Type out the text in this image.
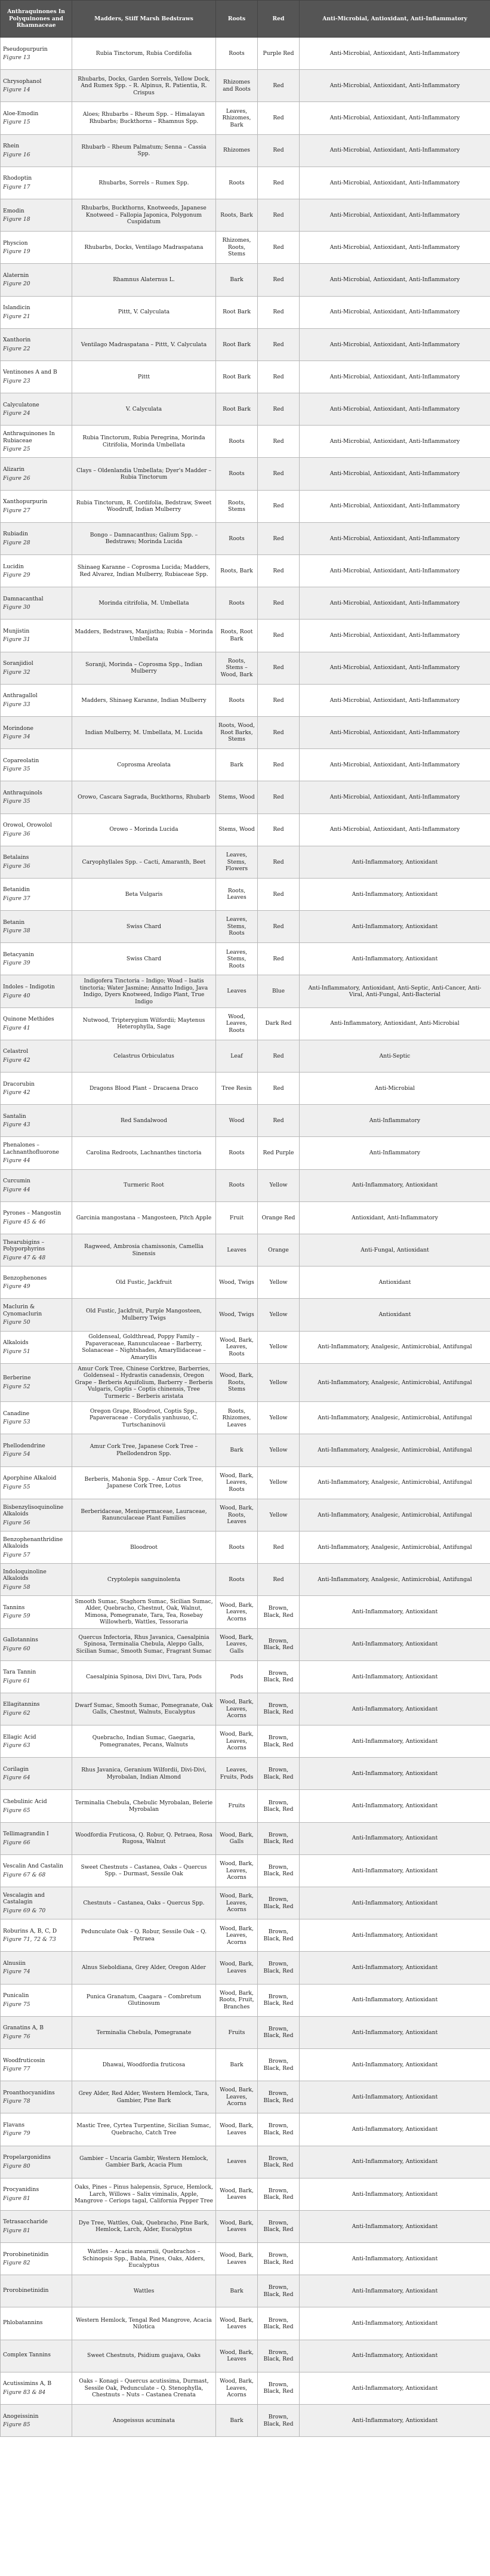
Anthraquinones In Polyquinones and Rhamnaceae	Madders, Stiff Marsh Bedstraws	Roots	Red	Anti-Microbial, Antioxidant, Anti-Inflammatory
Pseudopurpurin
Figure 13	Rubia Tinctorum, Rubia Cordifolia	Roots	Purple Red	Anti-Microbial, Antioxidant, Anti-Inflammatory
Chrysophanol
Figure 14	Rhubarbs, Docks, Garden Sorrels, Yellow Dock, And Rumex Spp. – R. Alpinus, R. Patientia, R. Crispus	Rhizomes and Roots	Red	Anti-Microbial, Antioxidant, Anti-Inflammatory
Aloe-Emodin
Figure 15	Aloes; Rhubarbs – Rheum Spp. – Himalayan Rhubarbs; Buckthorns – Rhamnus Spp.	Leaves, Rhizomes, Bark	Red	Anti-Microbial, Antioxidant, Anti-Inflammatory
Rhein
Figure 16	Rhubarb – Rheum Palmatum; Senna – Cassia Spp.	Rhizomes	Red	Anti-Microbial, Antioxidant, Anti-Inflammatory
Rhodoptin
Figure 17	Rhubarbs, Sorrels – Rumex Spp.	Roots	Red	Anti-Microbial, Antioxidant, Anti-Inflammatory
Emodin
Figure 18	Rhubarbs, Buckthorns, Knotweeds, Japanese Knotweed – Fallopia Japonica, Polygonum Cuspidatum	Roots, Bark	Red	Anti-Microbial, Antioxidant, Anti-Inflammatory
Physcion
Figure 19	Rhubarbs, Docks, Ventilago Madraspatana	Rhizomes, Roots, Stems	Red	Anti-Microbial, Antioxidant, Anti-Inflammatory
Alaternin
Figure 20	Rhamnus Alaternus L.	Bark	Red	Anti-Microbial, Antioxidant, Anti-Inflammatory
Islandicin
Figure 21	Pittt, V. Calyculata	Root Bark	Red	Anti-Microbial, Antioxidant, Anti-Inflammatory
Xanthorin
Figure 22	Ventilago Madraspatana – Pittt, V. Calyculata	Root Bark	Red	Anti-Microbial, Antioxidant, Anti-Inflammatory
Ventinones A and B
Figure 23	Pittt	Root Bark	Red	Anti-Microbial, Antioxidant, Anti-Inflammatory
Calyculatone
Figure 24	V. Calyculata	Root Bark	Red	Anti-Microbial, Antioxidant, Anti-Inflammatory
Anthraquinones In Rubiaceae
Figure 25	Rubia Tinctorum, Rubia Peregrina, Morinda Citrifolia, Morinda Umbellata	Roots	Red	Anti-Microbial, Antioxidant, Anti-Inflammatory
Alizarin
Figure 26	Clays – Oldenlandia Umbellata; Dyer's Madder – Rubia Tinctorum	Roots	Red	Anti-Microbial, Antioxidant, Anti-Inflammatory
Xanthopurpurin
Figure 27	Rubia Tinctorum, R. Cordifolia, Bedstraw, Sweet Woodruff, Indian Mulberry	Roots, Stems	Red	Anti-Microbial, Antioxidant, Anti-Inflammatory
Rubiadin
Figure 28	Bongo – Damnacanthus; Galium Spp. – Bedstraws; Morinda Lucida	Roots	Red	Anti-Microbial, Antioxidant, Anti-Inflammatory
Lucidin
Figure 29	Shinaeg Karanne – Coprosma Lucida; Madders, Red Alvarez, Indian Mulberry, Rubiaceae Spp.	Roots, Bark	Red	Anti-Microbial, Antioxidant, Anti-Inflammatory
Damnacanthal
Figure 30	Morinda citrifolia, M. Umbellata	Roots	Red	Anti-Microbial, Antioxidant, Anti-Inflammatory
Munjistin
Figure 31	Madders, Bedstraws, Manjistha; Rubia – Morinda Umbellata	Roots, Root Bark	Red	Anti-Microbial, Antioxidant, Anti-Inflammatory
Soranjidiol
Figure 32	Soranji, Morinda – Coprosma Spp., Indian Mulberry	Roots, Stems – Wood, Bark	Red	Anti-Microbial, Antioxidant, Anti-Inflammatory
Anthragallol
Figure 33	Madders, Shinaeg Karanne, Indian Mulberry	Roots	Red	Anti-Microbial, Antioxidant, Anti-Inflammatory
Morindone
Figure 34	Indian Mulberry, M. Umbellata, M. Lucida	Roots, Wood, Root Barks, Stems	Red	Anti-Microbial, Antioxidant, Anti-Inflammatory
Copareolatin
Figure 35	Coprosma Areolata	Bark	Red	Anti-Microbial, Antioxidant, Anti-Inflammatory
Anthraquinols
Figure 35	Orowo, Cascara Sagrada, Buckthorns, Rhubarb	Stems, Wood	Red	Anti-Microbial, Antioxidant, Anti-Inflammatory
Orowol, Orowolol
Figure 36	Orowo – Morinda Lucida	Stems, Wood	Red	Anti-Microbial, Antioxidant, Anti-Inflammatory
Betalains
Figure 36	Caryophyllales Spp. – Cacti, Amaranth, Beet	Leaves, Stems, Flowers	Red	Anti-Inflammatory, Antioxidant
Betanidin
Figure 37	Beta Vulgaris	Roots, Leaves	Red	Anti-Inflammatory, Antioxidant
Betanin
Figure 38	Swiss Chard	Leaves, Stems, Roots	Red	Anti-Inflammatory, Antioxidant
Betacyanin
Figure 39	Swiss Chard	Leaves, Stems, Roots	Red	Anti-Inflammatory, Antioxidant
Indoles – Indigotin
Figure 40	Indigofera Tinctoria – Indigo; Woad – Isatis tinctoria; Water Jasmine; Annatto Indigo, Java Indigo, Dyers Knotweed, Indigo Plant, True Indigo	Leaves	Blue	Anti-Inflammatory, Antioxidant, Anti-Septic, Anti-Cancer, Anti-Viral, Anti-Fungal, Anti-Bacterial
Quinone Methides
Figure 41	Nutwood, Tripterygium Wilfordii; Maytenus Heterophylla, Sage	Wood, Leaves, Roots	Dark Red	Anti-Inflammatory, Antioxidant, Anti-Microbial
Celastrol
Figure 42	Celastrus Orbiculatus	Leaf	Red	Anti-Septic
Dracorubin
Figure 42	Dragons Blood Plant – Dracaena Draco	Tree Resin	Red	Anti-Microbial
Santalin
Figure 43	Red Sandalwood	Wood	Red	Anti-Inflammatory
Phenalones – Lachnanthofluorone
Figure 44	Carolina Redroots, Lachnanthes tinctoria	Roots	Red Purple	Anti-Inflammatory
Curcumin
Figure 44	Turmeric Root	Roots	Yellow	Anti-Inflammatory, Antioxidant
Pyrones – Mangostin
Figure 45 & 46	Garcinia mangostana – Mangosteen, Pitch Apple	Fruit	Orange Red	Antioxidant, Anti-Inflammatory
Thearubigins – Polyporphyrins
Figure 47 & 48	Ragweed, Ambrosia chamissonis, Camellia Sinensis	Leaves	Orange	Anti-Fungal, Antioxidant
Benzophenones
Figure 49	Old Fustic, Jackfruit	Wood, Twigs	Yellow	Antioxidant
Maclurin & Cynomaclurin
Figure 50	Old Fustic, Jackfruit, Purple Mangosteen, Mulberry Twigs	Wood, Twigs	Yellow	Antioxidant
Alkaloids
Figure 51	Goldenseal, Goldthread, Poppy Family – Papaveraceae, Ranunculaceae – Barberry, Solanaceae – Nightshades, Amaryllidaceae – Amaryllis	Wood, Bark, Leaves, Roots	Yellow	Anti-Inflammatory, Analgesic, Antimicrobial, Antifungal
Berberine
Figure 52	Amur Cork Tree, Chinese Corktree, Barberries, Goldenseal – Hydrastis canadensis, Oregon Grape – Berberis Aquifolium, Barberry – Berberis Vulgaris, Coptis – Coptis chinensis, Tree Turmeric – Berberis aristata	Wood, Bark, Roots, Stems	Yellow	Anti-Inflammatory, Analgesic, Antimicrobial, Antifungal
Canadine
Figure 53	Oregon Grape, Bloodroot, Coptis Spp., Papaveraceae – Corydalis yanhusuo, C. Turtschaninovii	Roots, Rhizomes, Leaves	Yellow	Anti-Inflammatory, Analgesic, Antimicrobial, Antifungal
Phellodendrine
Figure 54	Amur Cork Tree, Japanese Cork Tree – Phellodendron Spp.	Bark	Yellow	Anti-Inflammatory, Analgesic, Antimicrobial, Antifungal
Aporphine Alkaloid
Figure 55	Berberis, Mahonia Spp. – Amur Cork Tree, Japanese Cork Tree, Lotus	Wood, Bark, Leaves, Roots	Yellow	Anti-Inflammatory, Analgesic, Antimicrobial, Antifungal
Bisbenzylisoquinoline Alkaloids
Figure 56	Berberidaceae, Menispermaceae, Lauraceae, Ranunculaceae Plant Families	Wood, Bark, Roots, Leaves	Yellow	Anti-Inflammatory, Analgesic, Antimicrobial, Antifungal
Benzophenanthridine Alkaloids
Figure 57	Bloodroot	Roots	Red	Anti-Inflammatory, Analgesic, Antimicrobial, Antifungal
Indoloquinoline Alkaloids
Figure 58	Cryptolepis sanguinolenta	Roots	Red	Anti-Inflammatory, Analgesic, Antimicrobial, Antifungal
Tannins
Figure 59	Smooth Sumac, Staghorn Sumac, Sicilian Sumac, Alder, Quebracho, Chestnut, Oak, Walnut, Mimosa, Pomegranate, Tara, Tea, Rosebay Willowherb, Wattles, Tessoraria	Wood, Bark, Leaves, Acorns	Brown, Black, Red	Anti-Inflammatory, Antioxidant
Gallotannins
Figure 60	Quercus Infectoria, Rhus Javanica, Caesalpinia Spinosa, Terminalia Chebula, Aleppo Galls, Sicilian Sumac, Smooth Sumac, Fragrant Sumac	Wood, Bark, Leaves, Galls	Brown, Black, Red	Anti-Inflammatory, Antioxidant
Tara Tannin
Figure 61	Caesalpinia Spinosa, Divi Divi, Tara, Pods	Pods	Brown, Black, Red	Anti-Inflammatory, Antioxidant
Ellagitannins
Figure 62	Dwarf Sumac, Smooth Sumac, Pomegranate, Oak Galls, Chestnut, Walnuts, Eucalyptus	Wood, Bark, Leaves, Acorns	Brown, Black, Red	Anti-Inflammatory, Antioxidant
Ellagic Acid
Figure 63	Quebracho, Indian Sumac, Gaegaria, Pomegranates, Pecans, Walnuts	Wood, Bark, Leaves, Acorns	Brown, Black, Red	Anti-Inflammatory, Antioxidant
Corilagin
Figure 64	Rhus Javanica, Geranium Wilfordii, Divi-Divi, Myrobalan, Indian Almond	Leaves, Fruits, Pods	Brown, Black, Red	Anti-Inflammatory, Antioxidant
Chebulinic Acid
Figure 65	Terminalia Chebula, Chebulic Myrobalan, Belerie Myrobalan	Fruits	Brown, Black, Red	Anti-Inflammatory, Antioxidant
Tellimagrandin I
Figure 66	Woodfordia Fruticosa, Q. Robur, Q. Petraea, Rosa Rugosa, Walnut	Wood, Bark, Galls	Brown, Black, Red	Anti-Inflammatory, Antioxidant
Vescalin And Castalin
Figure 67 & 68	Sweet Chestnuts – Castanea, Oaks – Quercus Spp. – Durmast, Sessile Oak	Wood, Bark, Leaves, Acorns	Brown, Black, Red	Anti-Inflammatory, Antioxidant
Vescalagin and Castalagin
Figure 69 & 70	Chestnuts – Castanea, Oaks – Quercus Spp.	Wood, Bark, Leaves, Acorns	Brown, Black, Red	Anti-Inflammatory, Antioxidant
Roburins A, B, C, D
Figure 71, 72 & 73	Pedunculate Oak – Q. Robur, Sessile Oak – Q. Petraea	Wood, Bark, Leaves, Acorns	Brown, Black, Red	Anti-Inflammatory, Antioxidant
Alnusiin
Figure 74	Alnus Sieboldiana, Grey Alder, Oregon Alder	Wood, Bark, Leaves	Brown, Black, Red	Anti-Inflammatory, Antioxidant
Punicalin
Figure 75	Punica Granatum, Caagara – Combretum Glutinosum	Wood, Bark, Roots, Fruit, Branches	Brown, Black, Red	Anti-Inflammatory, Antioxidant
Granatins A, B
Figure 76	Terminalia Chebula, Pomegranate	Fruits	Brown, Black, Red	Anti-Inflammatory, Antioxidant
Woodfruticosin
Figure 77	Dhawai, Woodfordia fruticosa	Bark	Brown, Black, Red	Anti-Inflammatory, Antioxidant
Proanthocyanidins
Figure 78	Grey Alder, Red Alder, Western Hemlock, Tara, Gambier, Pine Bark	Wood, Bark, Leaves, Acorns	Brown, Black, Red	Anti-Inflammatory, Antioxidant
Flavans
Figure 79	Mastic Tree, Cyrtea Turpentine, Sicilian Sumac, Quebracho, Catch Tree	Wood, Bark, Leaves	Brown, Black, Red	Anti-Inflammatory, Antioxidant
Propelargonidins
Figure 80	Gambier – Uncaria Gambir, Western Hemlock, Gambier Bark, Acacia Plum	Leaves	Brown, Black, Red	Anti-Inflammatory, Antioxidant
Procyanidins
Figure 81	Oaks, Pines – Pinus halepensis, Spruce, Hemlock, Larch, Willows – Salix viminalis, Apple, Mangrove – Ceriops tagal, California Pepper Tree	Wood, Bark, Leaves	Brown, Black, Red	Anti-Inflammatory, Antioxidant
Tetrasaccharide
Figure 81	Dye Tree, Wattles, Oak, Quebracho, Pine Bark, Hemlock, Larch, Alder, Eucalyptus	Wood, Bark, Leaves	Brown, Black, Red	Anti-Inflammatory, Antioxidant
Prorobinetinidin
Figure 82	Wattles – Acacia mearnsii, Quebrachos – Schinopsis Spp., Babla, Pines, Oaks, Alders, Eucalyptus	Wood, Bark, Leaves	Brown, Black, Red	Anti-Inflammatory, Antioxidant
Prorobinetinidin	Wattles	Bark	Brown, Black, Red	Anti-Inflammatory, Antioxidant
Phlobatannins	Western Hemlock, Tengal Red Mangrove, Acacia Nilotica	Wood, Bark, Leaves	Brown, Black, Red	Anti-Inflammatory, Antioxidant
Complex Tannins	Sweet Chestnuts, Psidium guajava, Oaks	Wood, Bark, Leaves	Brown, Black, Red	Anti-Inflammatory, Antioxidant
Acutissimins A, B
Figure 83 & 84	Oaks – Konagi – Quercus acutissima, Durmast, Sessile Oak, Pedunculate – Q. Stenophylla, Chestnuts – Nuts – Castanea Crenata	Wood, Bark, Leaves, Acorns	Brown, Black, Red	Anti-Inflammatory, Antioxidant
Anogeissinin
Figure 85	Anogeissus acuminata	Bark	Brown, Black, Red	Anti-Inflammatory, Antioxidant
